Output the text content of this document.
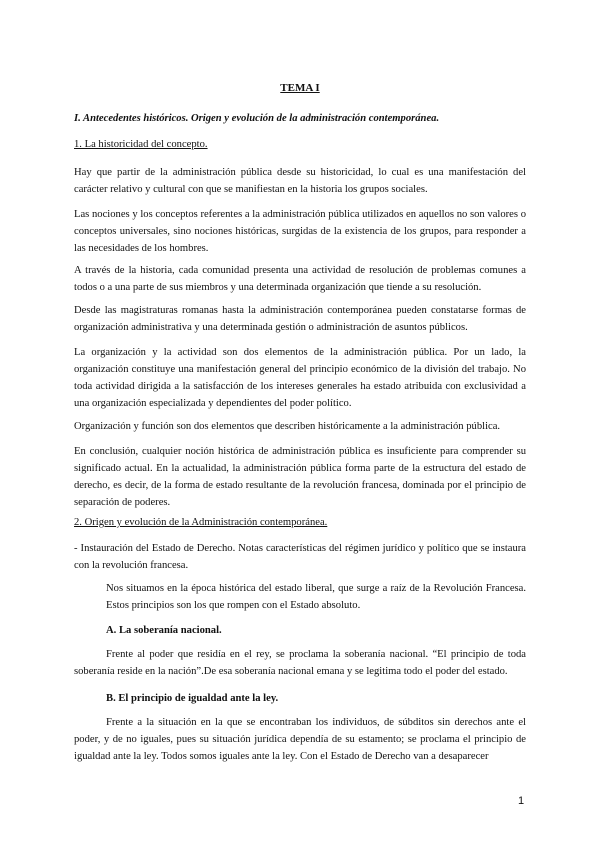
TEMA I

I. Antecedentes históricos. Origen y evolución de la administración contemporánea.

1. La historicidad del concepto.

Hay que partir de la administración pública desde su historicidad, lo cual es una manifestación del carácter relativo y cultural con que se manifiestan en la historia los grupos sociales.

Las nociones y los conceptos referentes a la administración pública utilizados en aquellos no son valores o conceptos universales, sino nociones históricas, surgidas de la existencia de los grupos, para responder a las necesidades de los hombres.

A través de la historia, cada comunidad presenta una actividad de resolución de problemas comunes a todos o a una parte de sus miembros y una determinada organización que tiende a su resolución.

Desde las magistraturas romanas hasta la administración contemporánea pueden constatarse formas de organización administrativa y una determinada gestión o administración de asuntos públicos.

La organización y la actividad son dos elementos de la administración pública. Por un lado, la organización constituye una manifestación general del principio económico de la división del trabajo. No toda actividad dirigida a la satisfacción de los intereses generales ha estado atribuida con exclusividad a una organización especializada y dependientes del poder político.

Organización y función son dos elementos que describen históricamente a la administración pública.

En conclusión, cualquier noción histórica de administración pública es insuficiente para comprender su significado actual. En la actualidad, la administración pública forma parte de la estructura del estado de derecho, es decir, de la forma de estado resultante de la revolución francesa, dominada por el principio de separación de poderes.

2. Origen y evolución de la Administración contemporánea.

- Instauración del Estado de Derecho. Notas características del régimen jurídico y político que se instaura con la revolución francesa.

Nos situamos en la época histórica del estado liberal, que surge a raíz de la Revolución Francesa. Estos principios son los que rompen con el Estado absoluto.

A. La soberanía nacional.

Frente al poder que residía en el rey, se proclama la soberanía nacional. “El principio de toda soberanía reside en la nación”.De esa soberanía nacional emana y se legitima todo el poder del estado.

B. El principio de igualdad ante la ley.

Frente a la situación en la que se encontraban los individuos, de súbditos sin derechos ante el poder, y de no iguales, pues su situación jurídica dependía de su estamento; se proclama el principio de igualdad ante la ley. Todos somos iguales ante la ley. Con el Estado de Derecho van a desaparecer

1
